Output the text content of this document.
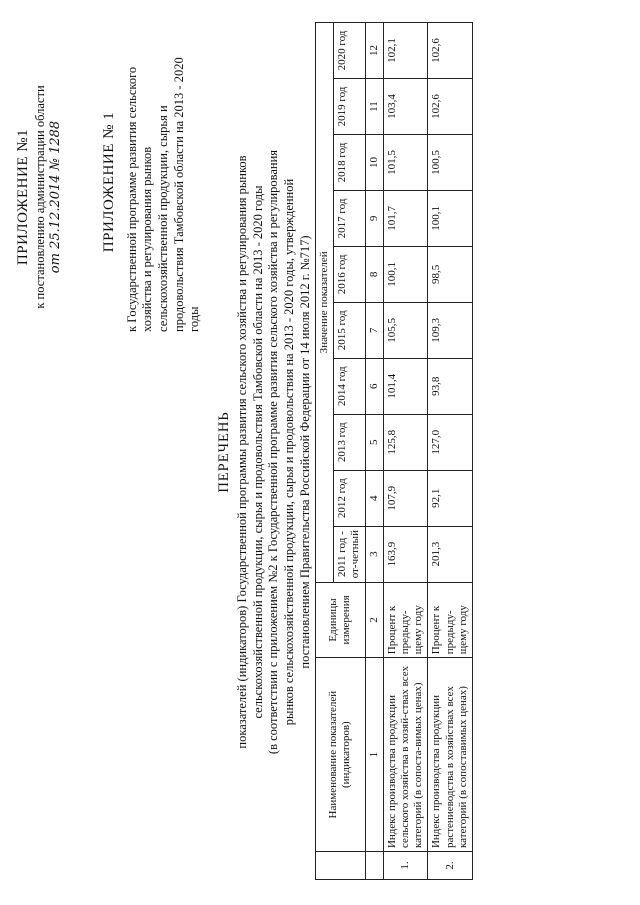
ПРИЛОЖЕНИЕ №1 к постановлению администрации области от 25.12.2014 № 1288	ПРИЛОЖЕНИЕ № 1 к Государственной программе развития сельского хозяйства и регулирования рынков сельскохозяйственной продукции, сырья и продовольствия Тамбовской области на 2013 - 2020 годы
ПЕРЕЧЕНЬ показателей (индикаторов) Государственной программы развития сельского хозяйства и регулирования рынков сельскохозяйственной продукции, сырья и продовольствия Тамбовской области на 2013 - 2020 годы (в соответствии с приложением №2 к Государственной программе развития сельского хозяйства и регулирования рынков сельскохозяйственной продукции, сырья и продовольствия на 2013 - 2020 годы, утвержденной постановлением Правительства Российской Федерации от 14 июля 2012 г. №717)
	Наименование показателей (индикаторов)	Единицы измерения	Значение показателей									
			2011 год - от-четный	2012 год	2013 год	2014 год	2015 год	2016 год	2017 год	2018 год	2019 год	2020 год
	1	2	3	4	5	6	7	8	9	10	11	12
1.	Индекс производства продукции сельского хозяйства в хозяй-ствах всех категорий (в сопоста-вимых ценах)	Процент к предыду-щему году	163,9	107,9	125,8	101,4	105,5	100,1	101,7	101,5	103,4	102,1
2.	Индекс производства продукции растениеводства в хозяйствах всех категорий (в сопоставимых ценах)	Процент к предыду-щему году	201,3	92,1	127,0	93,8	109,3	98,5	100,1	100,5	102,6	102,6
